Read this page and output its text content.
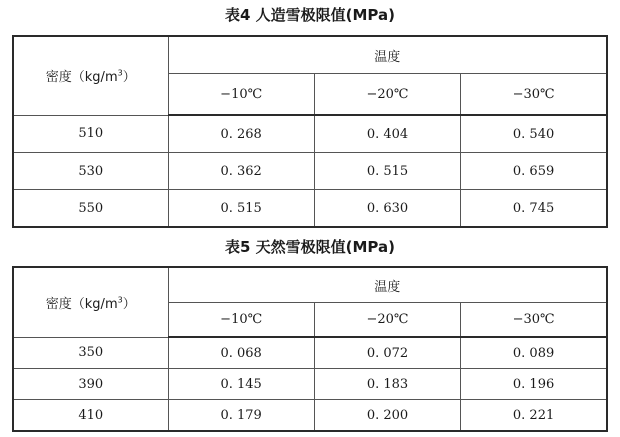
表4 人造雪极限值(MPa)
密度$(kg/m^3)$	温度		
	−10℃	−20℃	−30℃
510	0. 268	0. 404	0. 540
530	0. 362	0. 515	0. 659
550	0. 515	0. 630	0. 745
表5 天然雪极限值(MPa)
密度$(kg/m^3)$	温度		
	−10℃	−20℃	−30℃
350	0. 068	0. 072	0. 089
390	0. 145	0. 183	0. 196
410	0. 179	0. 200	0. 221
